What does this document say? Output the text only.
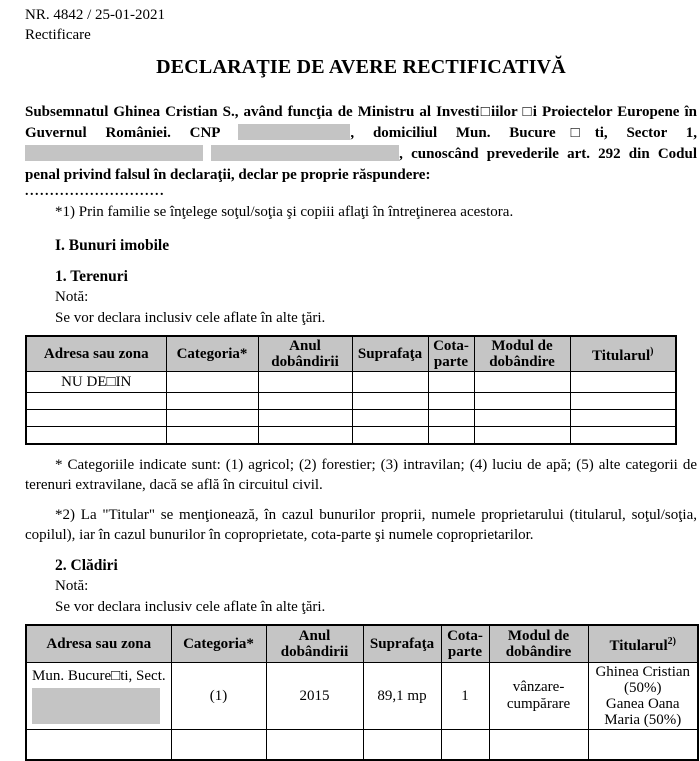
NR. 4842 / 25-01-2021
Rectificare
DECLARAŢIE DE AVERE RECTIFICATIVĂ

Subsemnatul Ghinea Cristian S., având funcţia de Ministru al Investi□iilor □i Proiectelor Europene în Guvernul României. CNP	, domiciliul Mun. Bucure□ti, Sector 1,  , cunoscând prevederile art. 292 din Codul penal privind falsul în declaraţii, declar pe proprie răspundere:

............................

*1) Prin familie se înţelege soţul/soţia şi copiii aflaţi în întreţinerea acestora.

I. Bunuri imobile
1. Terenuri
Notă:
Se vor declara inclusiv cele aflate în alte ţări.
Adresa sau zona	Categoria*	Anul dobândirii	Suprafaţa	Cota-parte	Modul de dobândire	Titularul)
NU DE□IN						

* Categoriile indicate sunt: (1) agricol; (2) forestier; (3) intravilan; (4) luciu de apă; (5) alte categorii de terenuri extravilane, dacă se află în circuitul civil.

*2) La "Titular" se menţionează, în cazul bunurilor proprii, numele proprietarului (titularul, soţul/soţia, copilul), iar în cazul bunurilor în coproprietate, cota-parte şi numele coproprietarilor.

2. Clădiri
Notă:
Se vor declara inclusiv cele aflate în alte ţări.
Adresa sau zona	Categoria*	Anul dobândirii	Suprafaţa	Cota-parte	Modul de dobândire	Titularul$^{2)}$

Mun. Bucure□ti, Sect.	(1)	2015	89,1 mp	1	vânzare-cumpărare	Ghinea Cristian
(50%)
Ganea Oana
Maria (50%)
